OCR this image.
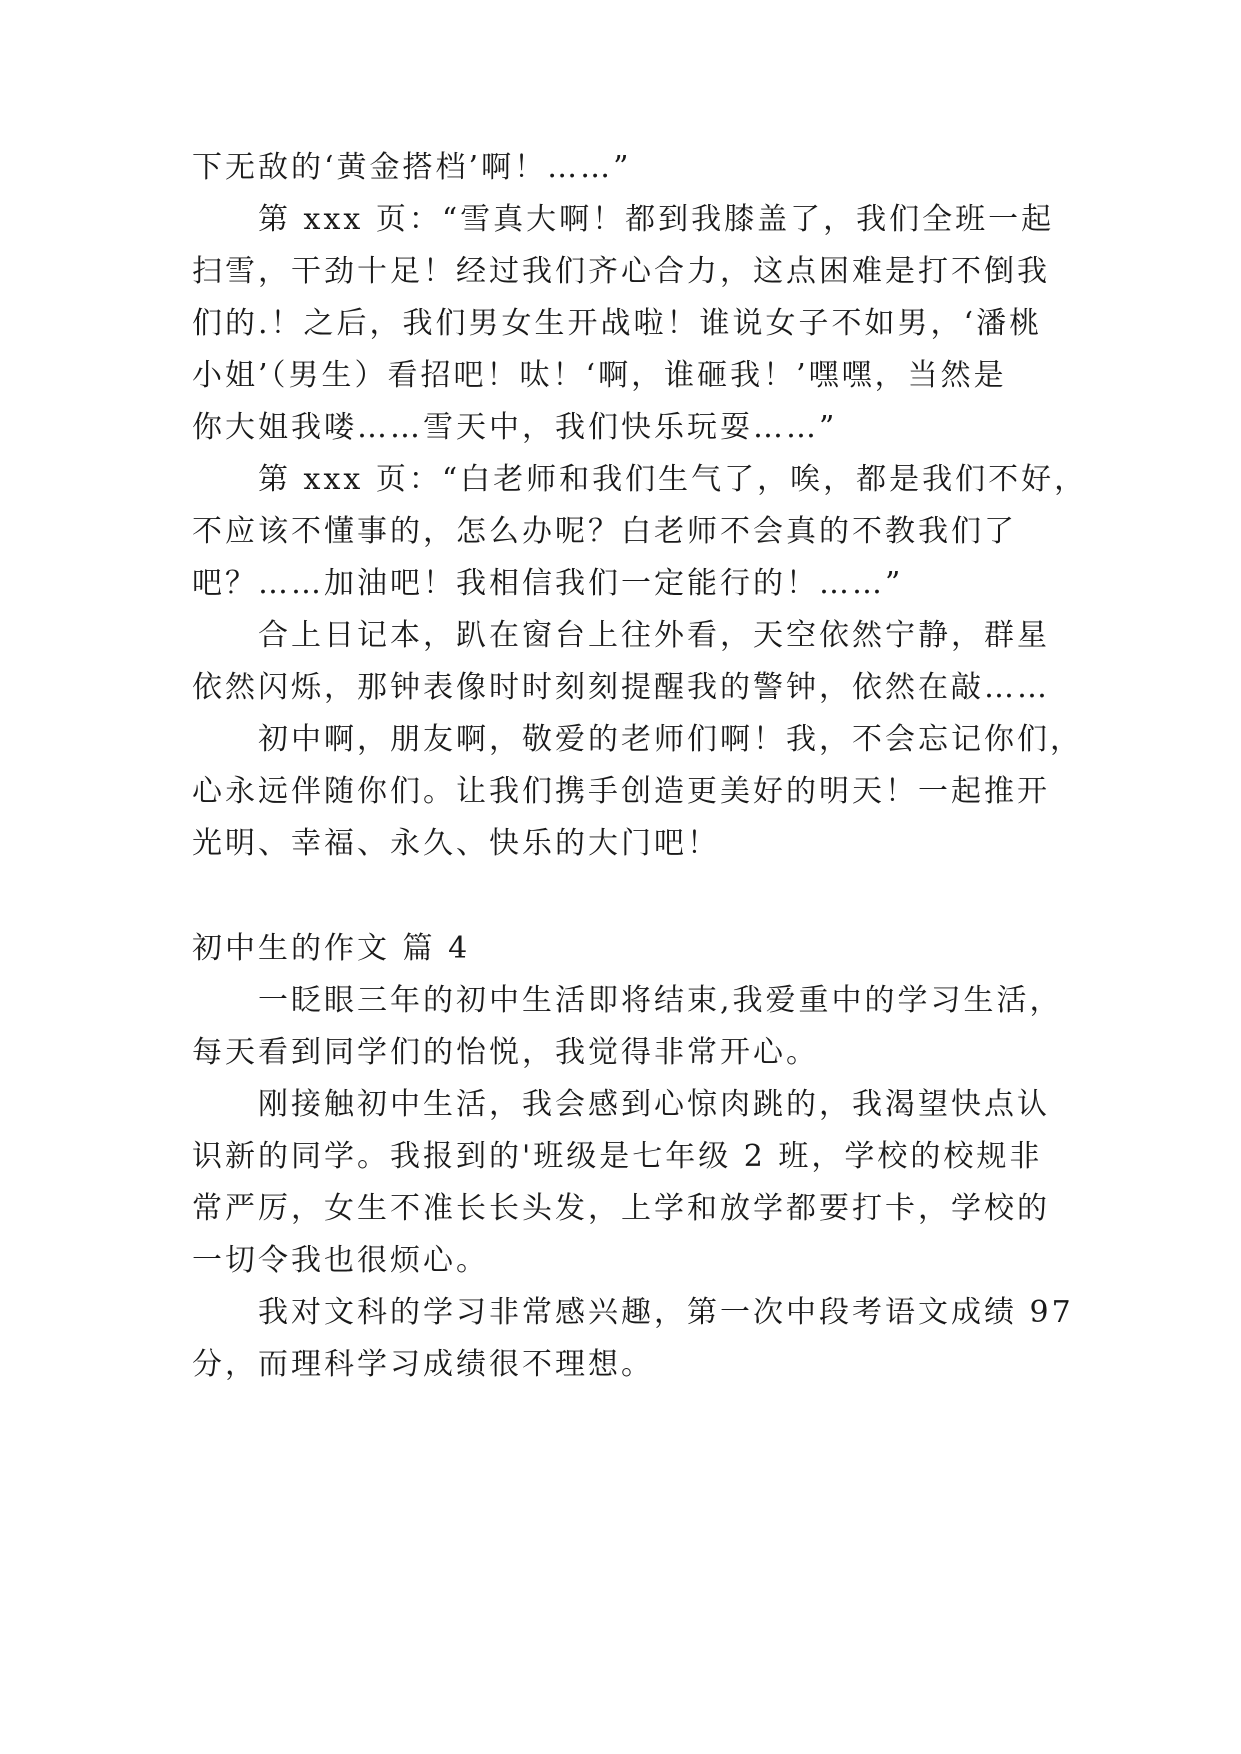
下无敌的‘黄金搭档’啊！……”
第 xxx 页：“雪真大啊！都到我膝盖了，我们全班一起
扫雪，干劲十足！经过我们齐心合力，这点困难是打不倒我
们的.！之后，我们男女生开战啦！谁说女子不如男，‘潘桃
小姐’（男生）看招吧！呔！‘啊，谁砸我！’嘿嘿，当然是
你大姐我喽……雪天中，我们快乐玩耍……”
第 xxx 页：“白老师和我们生气了，唉，都是我们不好，
不应该不懂事的，怎么办呢？白老师不会真的不教我们了
吧？……加油吧！我相信我们一定能行的！……”
合上日记本，趴在窗台上往外看，天空依然宁静，群星
依然闪烁，那钟表像时时刻刻提醒我的警钟，依然在敲……
初中啊，朋友啊，敬爱的老师们啊！我，不会忘记你们，
心永远伴随你们。让我们携手创造更美好的明天！一起推开
光明、幸福、永久、快乐的大门吧！
初中生的作文 篇 4
一眨眼三年的初中生活即将结束,我爱重中的学习生活，
每天看到同学们的怡悦，我觉得非常开心。
刚接触初中生活，我会感到心惊肉跳的，我渴望快点认
识新的同学。我报到的'班级是七年级 2 班，学校的校规非
常严厉，女生不准长长头发，上学和放学都要打卡，学校的
一切令我也很烦心。
我对文科的学习非常感兴趣，第一次中段考语文成绩 97
分，而理科学习成绩很不理想。
